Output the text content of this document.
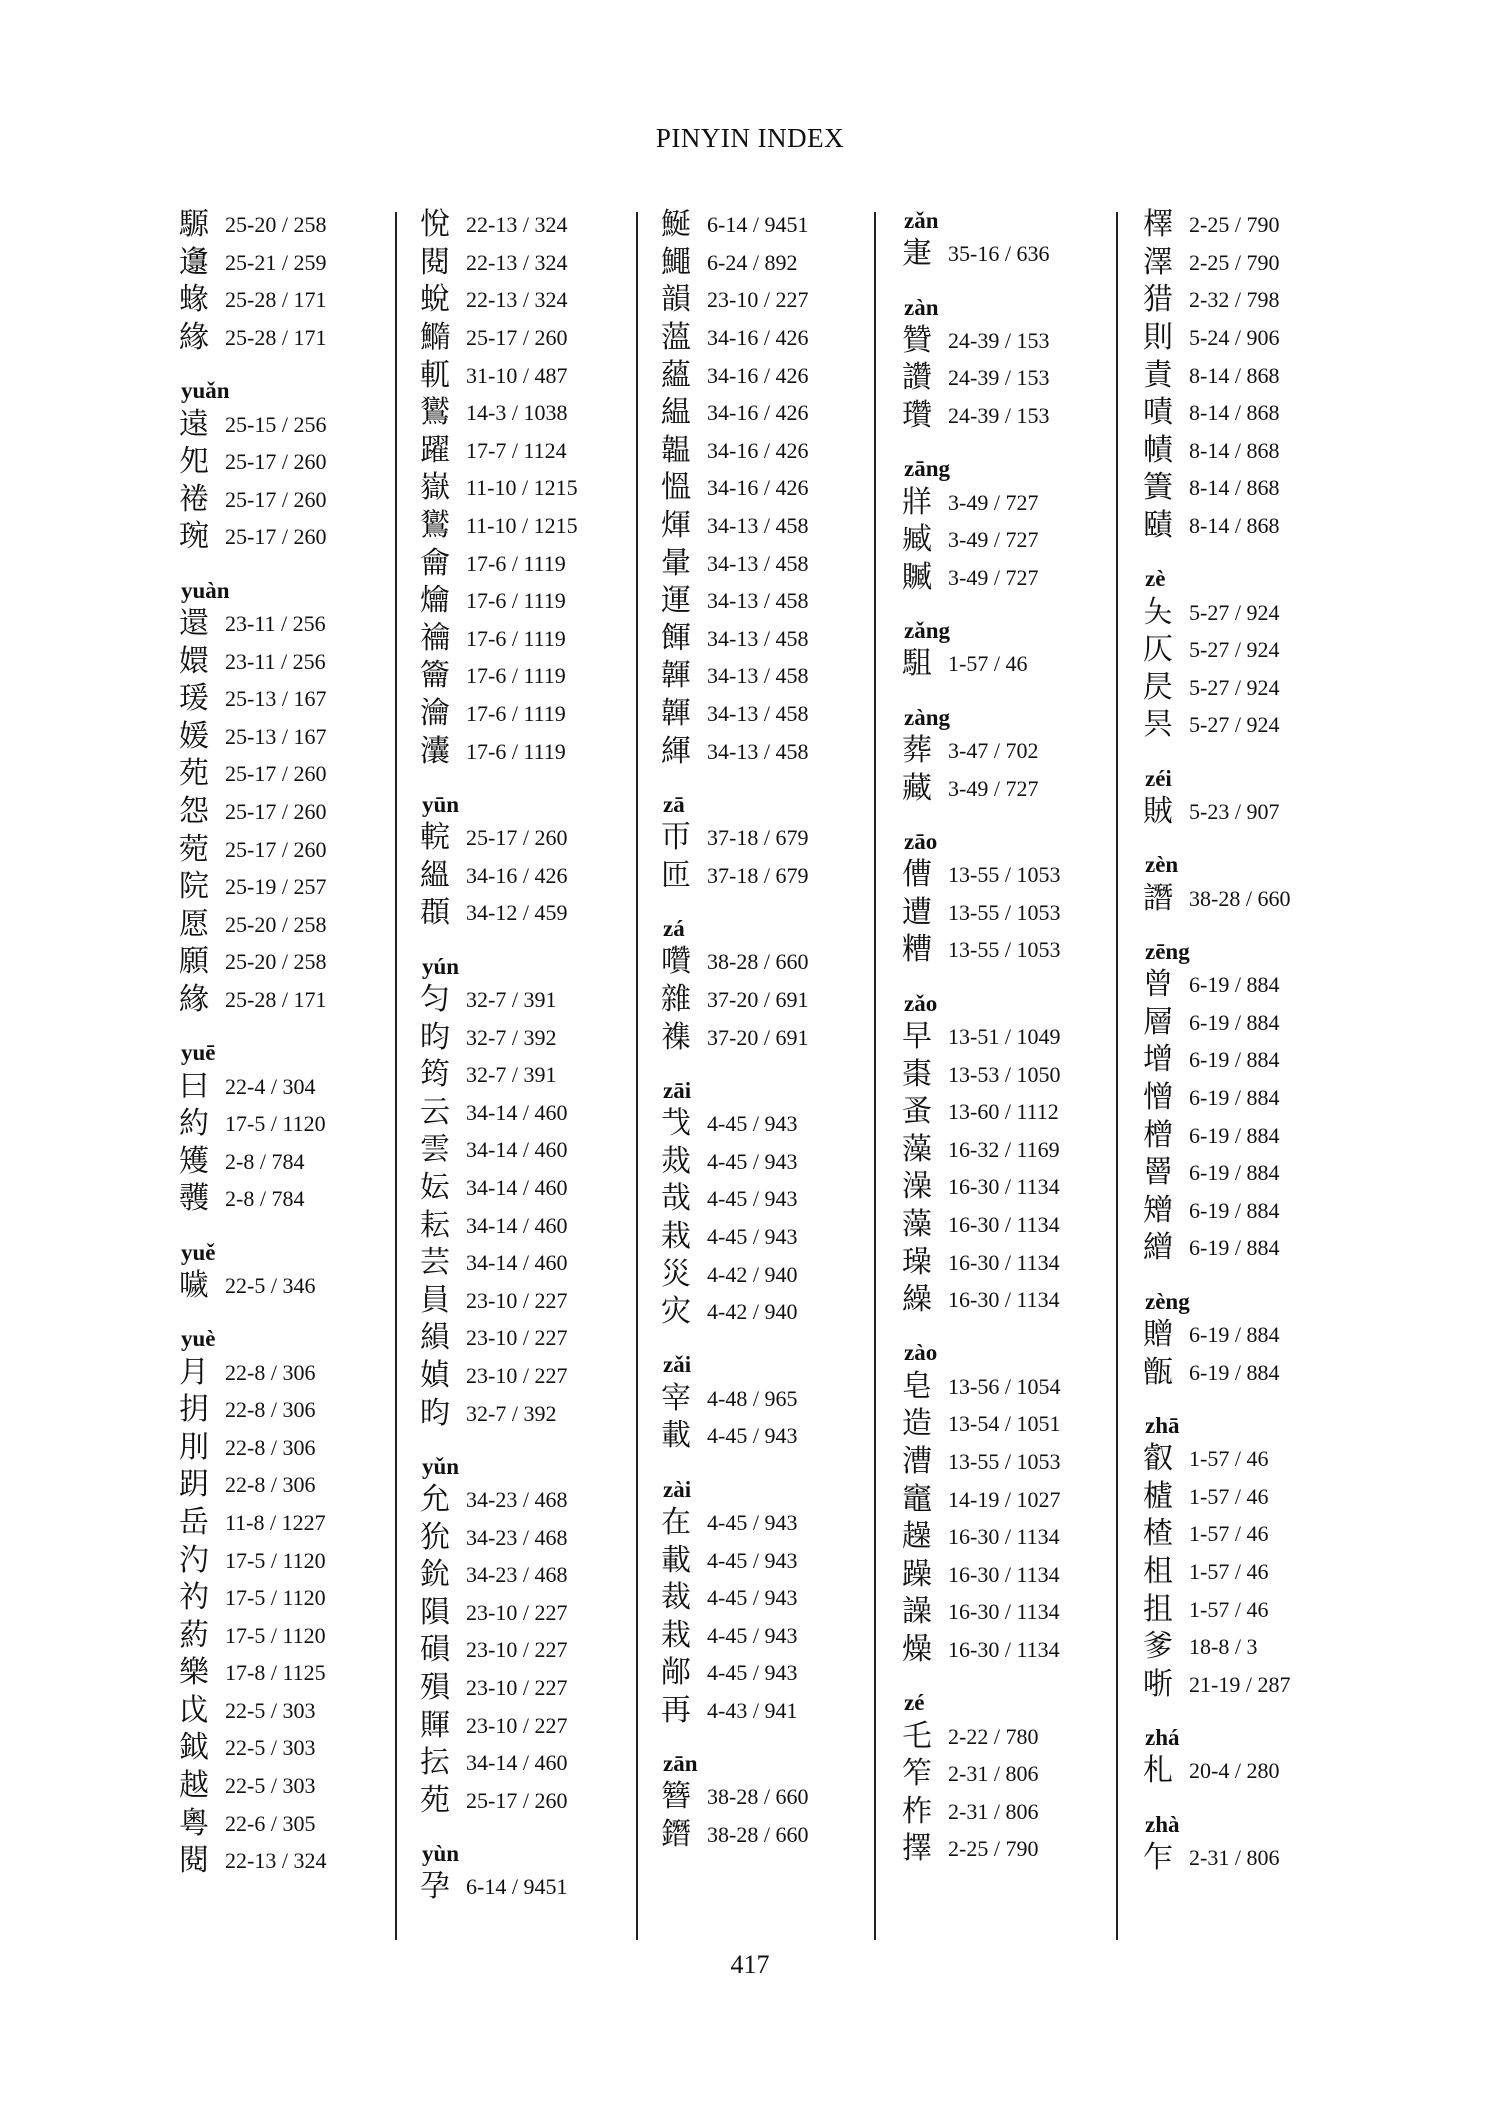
PINYIN INDEX
騵 25-20 / 258
邍 25-21 / 259
蝝 25-28 / 171
緣 25-28 / 171
yuǎn
遠 25-15 / 256
夗 25-17 / 260
裷 25-17 / 260
琬 25-17 / 260
yuàn
還 23-11 / 256
嬛 23-11 / 256
瑗 25-13 / 167
媛 25-13 / 167
苑 25-17 / 260
怨 25-17 / 260
菀 25-17 / 260
院 25-19 / 257
愿 25-20 / 258
願 25-20 / 258
緣 25-28 / 171
yuē
曰 22-4 / 304
約 17-5 / 1120
矱 2-8 / 784
彠 2-8 / 784
yuě
噦 22-5 / 346
yuè
月 22-8 / 306
抈 22-8 / 306
刖 22-8 / 306
跀 22-8 / 306
岳 11-8 / 1227
汋 17-5 / 1120
礿 17-5 / 1120
葯 17-5 / 1120
樂 17-8 / 1125
戉 22-5 / 303
鉞 22-5 / 303
越 22-5 / 303
粵 22-6 / 305
閱 22-13 / 324
悅 22-13 / 324
閱 22-13 / 324
蛻 22-13 / 324
䲊 25-17 / 260
軏 31-10 / 487
鸑 14-3 / 1038
躍 17-7 / 1124
嶽 11-10 / 1215
鸑 11-10 / 1215
龠 17-6 / 1119
爚 17-6 / 1119
禴 17-6 / 1119
籥 17-6 / 1119
瀹 17-6 / 1119
灢 17-6 / 1119
yūn
輐 25-17 / 260
縕 34-16 / 426
頵 34-12 / 459
yún
匀 32-7 / 391
昀 32-7 / 392
筠 32-7 / 391
云 34-14 / 460
雲 34-14 / 460
妘 34-14 / 460
耘 34-14 / 460
芸 34-14 / 460
員 23-10 / 227
縜 23-10 / 227
媜 23-10 / 227
昀 32-7 / 392
yǔn
允 34-23 / 468
狁 34-23 / 468
鈗 34-23 / 468
隕 23-10 / 227
磒 23-10 / 227
殞 23-10 / 227
賱 23-10 / 227
抎 34-14 / 460
苑 25-17 / 260
yùn
孕 6-14 / 9451
鯅 6-14 / 9451
鱦 6-24 / 892
韻 23-10 / 227
薀 34-16 / 426
蘊 34-16 / 426
緼 34-16 / 426
韞 34-16 / 426
慍 34-16 / 426
煇 34-13 / 458
暈 34-13 / 458
運 34-13 / 458
餫 34-13 / 458
韗 34-13 / 458
韗 34-13 / 458
緷 34-13 / 458
zā
帀 37-18 / 679
匝 37-18 / 679
zá
囋 38-28 / 660
雜 37-20 / 691
襍 37-20 / 691
zāi
𢦏 4-45 / 943
烖 4-45 / 943
哉 4-45 / 943
栽 4-45 / 943
災 4-42 / 940
灾 4-42 / 940
zǎi
宰 4-48 / 965
載 4-45 / 943
zài
在 4-45 / 943
載 4-45 / 943
裁 4-45 / 943
栽 4-45 / 943
䣊 4-45 / 943
再 4-43 / 941
zān
簪 38-28 / 660
鐕 38-28 / 660
zǎn
寁 35-16 / 636
zàn
贊 24-39 / 153
讚 24-39 / 153
瓚 24-39 / 153
zāng
牂 3-49 / 727
臧 3-49 / 727
贓 3-49 / 727
zǎng
駔 1-57 / 46
zàng
葬 3-47 / 702
藏 3-49 / 727
zāo
傮 13-55 / 1053
遭 13-55 / 1053
糟 13-55 / 1053
zǎo
早 13-51 / 1049
棗 13-53 / 1050
蚤 13-60 / 1112
藻 16-32 / 1169
澡 16-30 / 1134
藻 16-30 / 1134
璪 16-30 / 1134
繰 16-30 / 1134
zào
皂 13-56 / 1054
造 13-54 / 1051
漕 13-55 / 1053
竈 14-19 / 1027
趮 16-30 / 1134
躁 16-30 / 1134
譟 16-30 / 1134
燥 16-30 / 1134
zé
乇 2-22 / 780
笮 2-31 / 806
柞 2-31 / 806
擇 2-25 / 790
檡 2-25 / 790
澤 2-25 / 790
猎 2-32 / 798
則 5-24 / 906
責 8-14 / 868
嘖 8-14 / 868
幘 8-14 / 868
簀 8-14 / 868
賾 8-14 / 868
zè
夨 5-27 / 924
仄 5-27 / 924
昃 5-27 / 924
昗 5-27 / 924
zéi
賊 5-23 / 907
zèn
譖 38-28 / 660
zēng
曾 6-19 / 884
層 6-19 / 884
增 6-19 / 884
憎 6-19 / 884
橧 6-19 / 884
罾 6-19 / 884
矰 6-19 / 884
繒 6-19 / 884
zèng
贈 6-19 / 884
甑 6-19 / 884
zhā
叡 1-57 / 46
樝 1-57 / 46
楂 1-57 / 46
柤 1-57 / 46
抯 1-57 / 46
爹 18-8 / 3
哳 21-19 / 287
zhá
札 20-4 / 280
zhà
乍 2-31 / 806
417
